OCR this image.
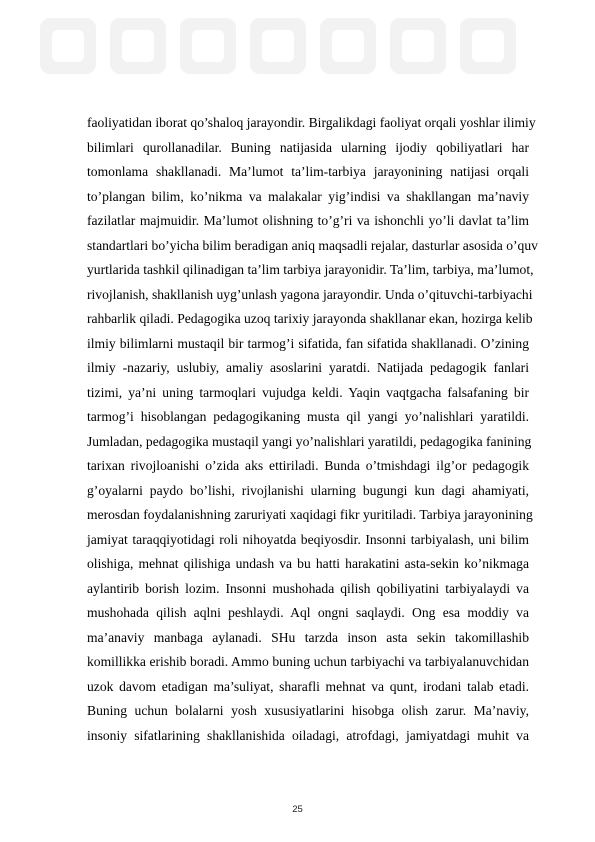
faoliyatidan iborat qo’shaloq jarayondir. Birgalikdagi faoliyat orqali yoshlar ilimiy
bilimlari qurollanadilar. Buning natijasida ularning ijodiy qobiliyatlari har
tomonlama shakllanadi. Ma’lumot ta’lim-tarbiya jarayonining natijasi orqali
to’plangan bilim, ko’nikma va malakalar yig’indisi va shakllangan ma’naviy
fazilatlar majmuidir. Ma’lumot olishning to’g’ri va ishonchli yo’li davlat ta’lim
standartlari bo’yicha bilim beradigan aniq maqsadli rejalar, dasturlar asosida o’quv
yurtlarida tashkil qilinadigan ta’lim tarbiya jarayonidir. Ta’lim, tarbiya, ma’lumot,
rivojlanish, shakllanish uyg’unlash yagona jarayondir. Unda o’qituvchi-tarbiyachi
rahbarlik qiladi. Pedagogika uzoq tarixiy jarayonda shakllanar ekan, hozirga kelib
ilmiy bilimlarni mustaqil bir tarmog’i sifatida, fan sifatida shakllanadi. O’zining
ilmiy -nazariy, uslubiy, amaliy asoslarini yaratdi. Natijada pedagogik fanlari
tizimi, ya’ni uning tarmoqlari vujudga keldi. Yaqin vaqtgacha falsafaning bir
tarmog’i hisoblangan pedagogikaning musta qil yangi yo’nalishlari yaratildi.
Jumladan, pedagogika mustaqil yangi yo’nalishlari yaratildi, pedagogika fanining
tarixan rivojloanishi o’zida aks ettiriladi. Bunda o’tmishdagi ilg’or pedagogik
g’oyalarni paydo bo’lishi, rivojlanishi ularning bugungi kun dagi ahamiyati,
merosdan foydalanishning zaruriyati xaqidagi fikr yuritiladi. Tarbiya jarayonining
jamiyat taraqqiyotidagi roli nihoyatda beqiyosdir. Insonni tarbiyalash, uni bilim
olishiga, mehnat qilishiga undash va bu hatti harakatini asta-sekin ko’nikmaga
aylantirib borish lozim. Insonni mushohada qilish qobiliyatini tarbiyalaydi va
mushohada qilish aqlni peshlaydi. Aql ongni saqlaydi. Ong esa moddiy va
ma’anaviy manbaga aylanadi. SHu tarzda inson asta sekin takomillashib
komillikka erishib boradi. Ammo buning uchun tarbiyachi va tarbiyalanuvchidan
uzok davom etadigan ma’suliyat, sharafli mehnat va qunt, irodani talab etadi.
Buning uchun bolalarni yosh xususiyatlarini hisobga olish zarur. Ma’naviy,
insoniy sifatlarining shakllanishida oiladagi, atrofdagi, jamiyatdagi muhit va
25
